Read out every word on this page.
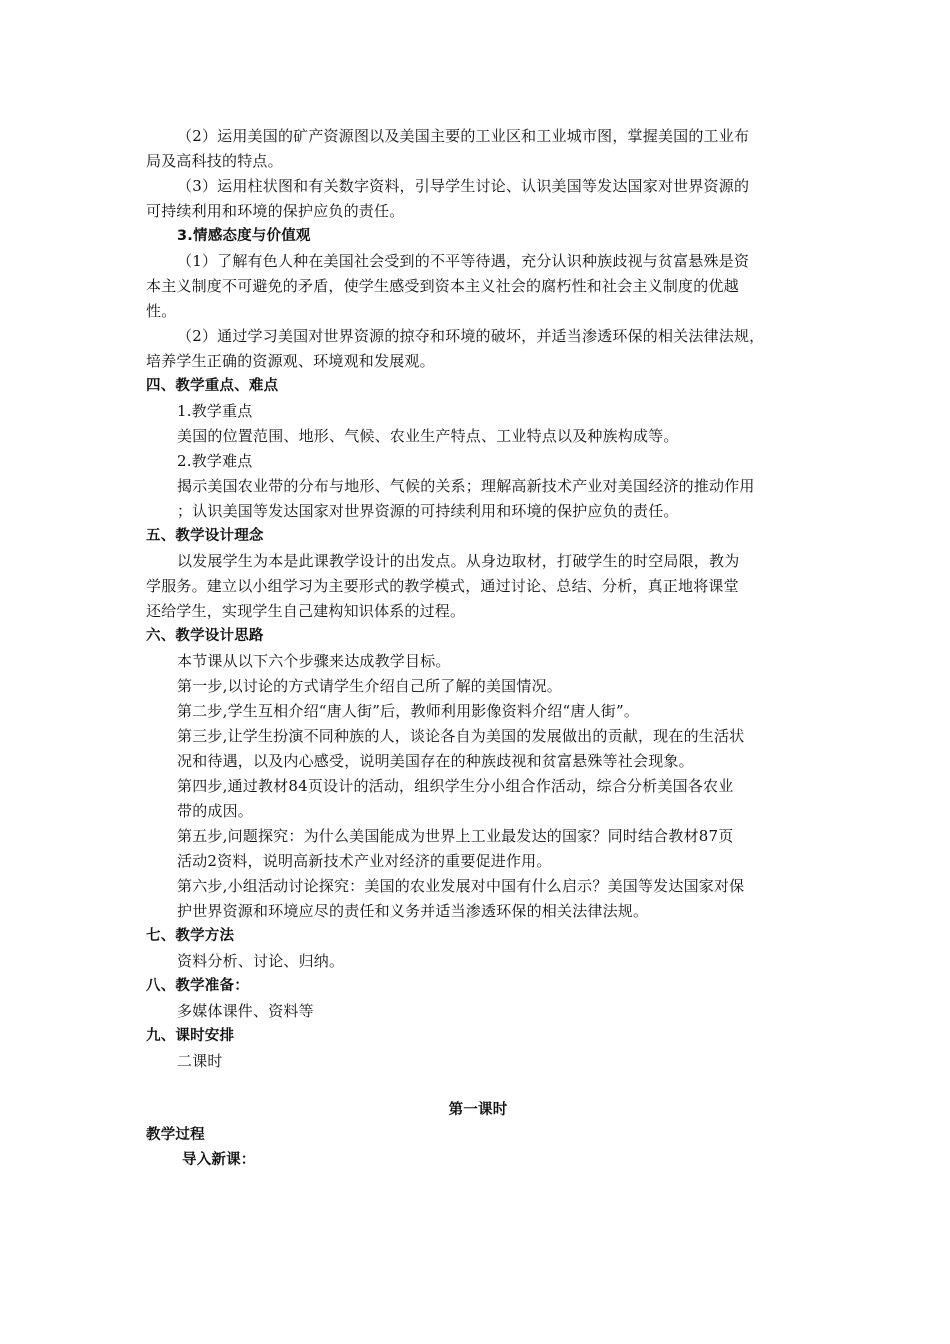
（2）运用美国的矿产资源图以及美国主要的工业区和工业城市图，掌握美国的工业布
局及高科技的特点。
（3）运用柱状图和有关数字资料，引导学生讨论、认识美国等发达国家对世界资源的
可持续利用和环境的保护应负的责任。
3.情感态度与价值观
（1）了解有色人种在美国社会受到的不平等待遇，充分认识种族歧视与贫富悬殊是资
本主义制度不可避免的矛盾，使学生感受到资本主义社会的腐朽性和社会主义制度的优越
性。
（2）通过学习美国对世界资源的掠夺和环境的破坏，并适当渗透环保的相关法律法规，
培养学生正确的资源观、环境观和发展观。
四、教学重点、难点
1.教学重点
美国的位置范围、地形、气候、农业生产特点、工业特点以及种族构成等。
2.教学难点
揭示美国农业带的分布与地形、气候的关系；理解高新技术产业对美国经济的推动作用
；认识美国等发达国家对世界资源的可持续利用和环境的保护应负的责任。
五、教学设计理念
以发展学生为本是此课教学设计的出发点。从身边取材，打破学生的时空局限，教为
学服务。建立以小组学习为主要形式的教学模式，通过讨论、总结、分析，真正地将课堂
还给学生，实现学生自己建构知识体系的过程。
六、教学设计思路
本节课从以下六个步骤来达成教学目标。
第一步,以讨论的方式请学生介绍自己所了解的美国情况。
第二步,学生互相介绍“唐人街”后，教师利用影像资料介绍“唐人街”。
第三步,让学生扮演不同种族的人，谈论各自为美国的发展做出的贡献，现在的生活状
况和待遇，以及内心感受，说明美国存在的种族歧视和贫富悬殊等社会现象。
第四步,通过教材84页设计的活动，组织学生分小组合作活动，综合分析美国各农业
带的成因。
第五步,问题探究：为什么美国能成为世界上工业最发达的国家？同时结合教材87页
活动2资料，说明高新技术产业对经济的重要促进作用。
第六步,小组活动讨论探究：美国的农业发展对中国有什么启示？美国等发达国家对保
护世界资源和环境应尽的责任和义务并适当渗透环保的相关法律法规。
七、教学方法
资料分析、讨论、归纳。
八、教学准备：
多媒体课件、资料等
九、课时安排
二课时
第一课时
教学过程
导入新课：
